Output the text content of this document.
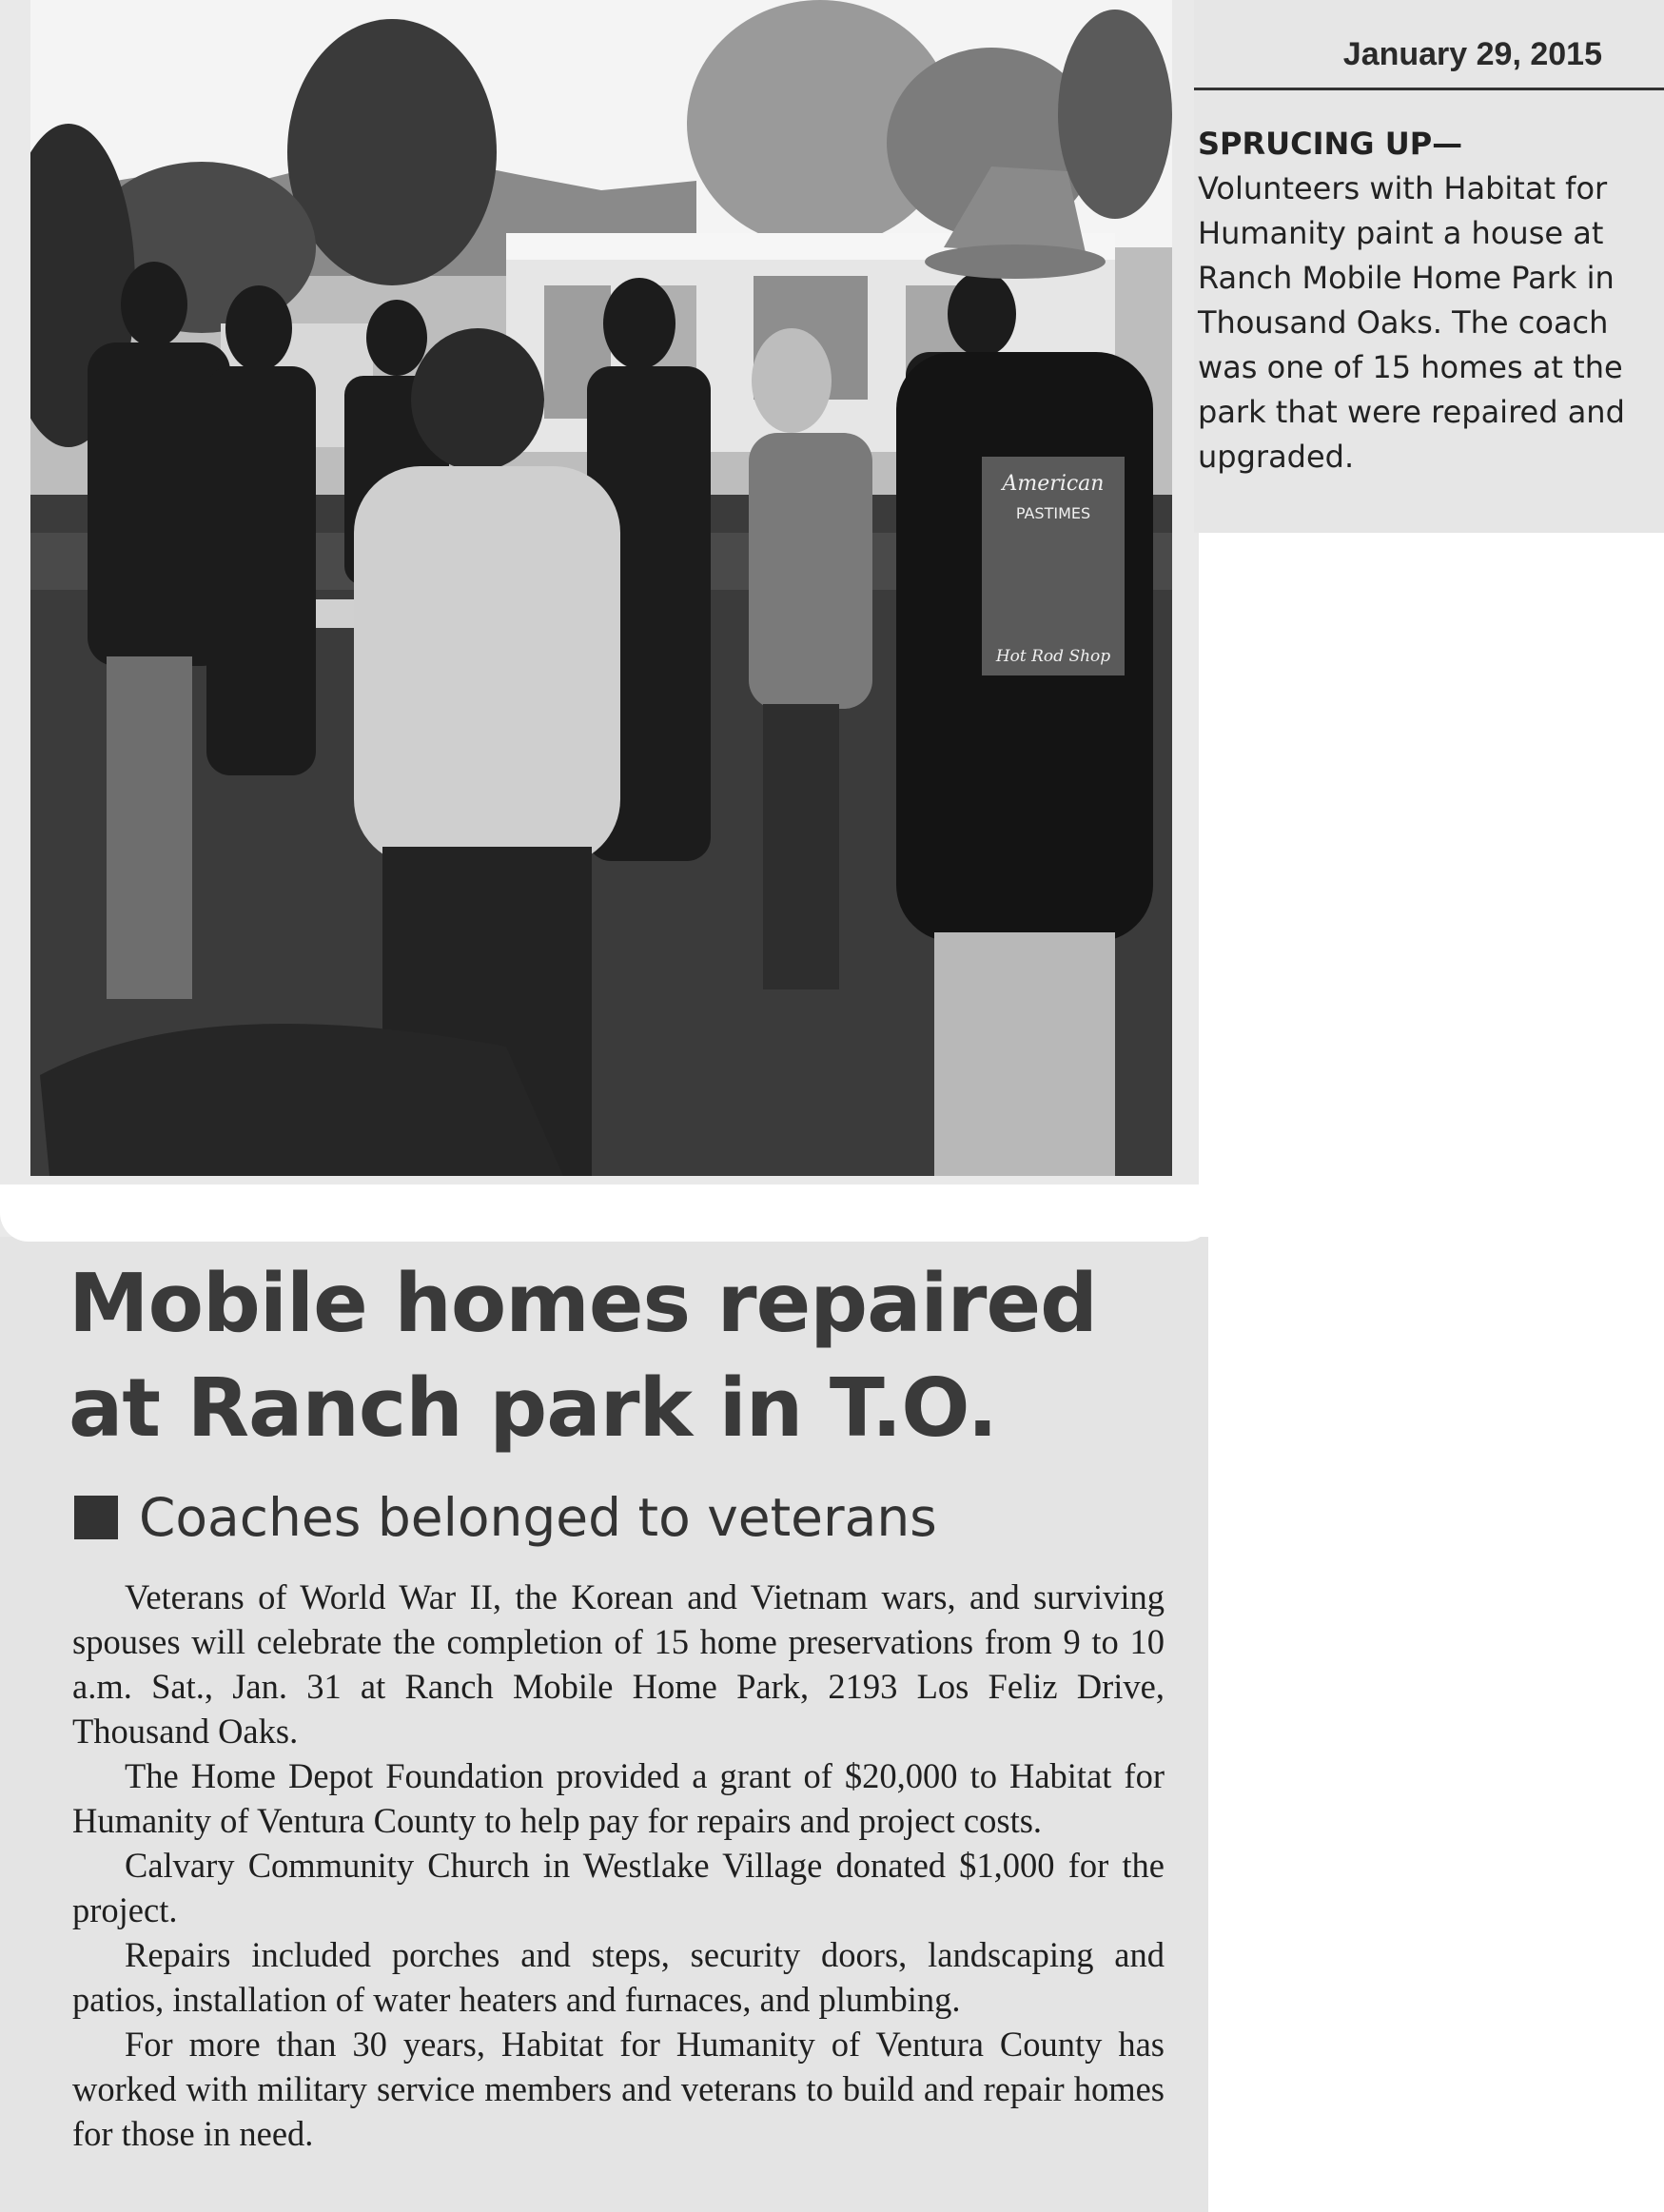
American
PASTIMES
Hot Rod Shop
January 29, 2015
SPRUCING UP—
Volunteers with Habitat for Humanity paint a house at Ranch Mobile Home Park in Thousand Oaks. The coach was one of 15 homes at the park that were repaired and upgraded.
Mobile homes repaired
at Ranch park in T.O.
Coaches belonged to veterans

Veterans of World War II, the Korean and Vietnam wars, and surviving spouses will celebrate the completion of 15 home preservations from 9 to 10 a.m. Sat., Jan. 31 at Ranch Mobile Home Park, 2193 Los Feliz Drive, Thousand Oaks.

The Home Depot Foundation provided a grant of $20,000 to Habitat for Humanity of Ventura County to help pay for repairs and project costs.

Calvary Community Church in Westlake Village donated $1,000 for the project.

Repairs included porches and steps, security doors, landscaping and patios, installation of water heaters and furnaces, and plumbing.

For more than 30 years, Habitat for Humanity of Ventura County has worked with military service members and veterans to build and repair homes for those in need.
